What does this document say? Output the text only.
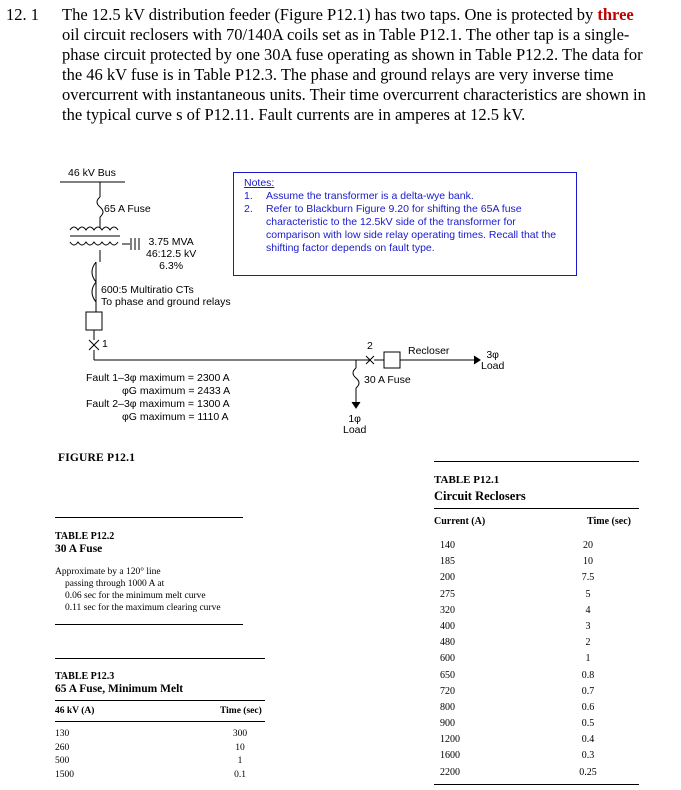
12. 1 The 12.5 kV distribution feeder (Figure P12.1) has two taps. One is protected by three oil circuit reclosers with 70/140A coils set as in Table P12.1. The other tap is a single-phase circuit protected by one 30A fuse operating as shown in Table P12.2. The data for the 46 kV fuse is in Table P12.3. The phase and ground relays are very inverse time overcurrent with instantaneous units. Their time overcurrent characteristics are shown in the typical curve s of P12.11. Fault currents are in amperes at 12.5 kV.
46 kV Bus
65 A Fuse
3.75 MVA
46:12.5 kV
6.3%
600:5 Multiratio CTs
To phase and ground relays
1	2	Recloser	3φ
Load
30 A Fuse
1φ
Load
Fault 1–3φ maximum = 2300 A
φG maximum = 2433 A
Fault 2–3φ maximum = 1300 A
φG maximum = 1110 A
Notes:
1.	Assume the transformer is a delta-wye bank.
2.	Refer to Blackburn Figure 9.20 for shifting the 65A fuse characteristic to the 12.5kV side of the transformer for comparison with low side relay operating times. Recall that the shifting factor depends on fault type.
FIGURE P12.1
TABLE P12.1
Circuit Reclosers
Current (A)	Time (sec)
140	20
185	10
200	7.5
275	5
320	4
400	3
480	2
600	1
650	0.8
720	0.7
800	0.6
900	0.5
1200	0.4
1600	0.3
2200	0.25
TABLE P12.2
30 A Fuse
Approximate by a 120° line
passing through 1000 A at
0.06 sec for the minimum melt curve
0.11 sec for the maximum clearing curve
TABLE P12.3
65 A Fuse, Minimum Melt
46 kV (A)	Time (sec)
130	300
260	10
500	1
1500	0.1
